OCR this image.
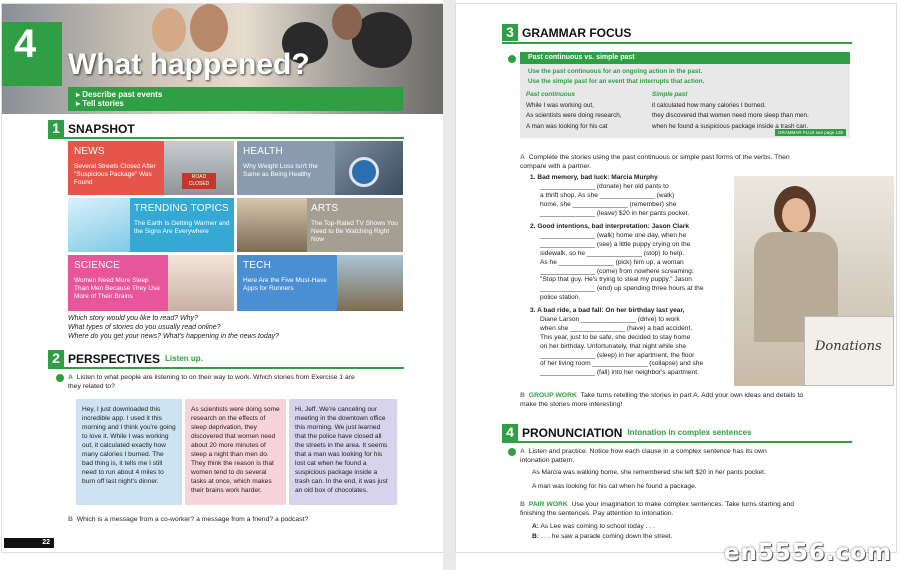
4	What happened?
▸ Describe past events
▸ Tell stories
1 SNAPSHOT
ROAD CLOSED
NEWS
Several Streets Closed After "Suspicious Package" Was Found
HEALTH
Why Weight Loss Isn't the Same as Being Healthy
TRENDING TOPICS
The Earth Is Getting Warmer and the Signs Are Everywhere
ARTS
The Top-Rated TV Shows You Need to Be Watching Right Now
SCIENCE
Women Need More Sleep Than Men Because They Use More of Their Brains
TECH
Here Are the Five Must-Have Apps for Runners
Which story would you like to read? Why?
What types of stories do you usually read online?
Where do you get your news? What's happening in the news today?
2 PERSPECTIVES Listen up.
A Listen to what people are listening to on their way to work. Which stories from Exercise 1 are they related to?
Hey, I just downloaded this incredible app. I used it this morning and I think you're going to love it. While I was working out, it calculated exactly how many calories I burned. The bad thing is, it tells me I still need to run about 4 miles to burn off last night's dinner.
As scientists were doing some research on the effects of sleep deprivation, they discovered that women need about 20 more minutes of sleep a night than men do. They think the reason is that women tend to do several tasks at once, which makes their brains work harder.
Hi, Jeff. We're canceling our meeting in the downtown office this morning. We just learned that the police have closed all the streets in the area. It seems that a man was looking for his lost cat when he found a suspicious package inside a trash can. In the end, it was just an old box of chocolates.
B Which is a message from a co-worker? a message from a friend? a podcast?
22
3 GRAMMAR FOCUS
Past continuous vs. simple past
Use the past continuous for an ongoing action in the past.
Use the simple past for an event that interrupts that action.
Past continuous
While I was working out,
As scientists were doing research,
A man was looking for his cat
Simple past
it calculated how many calories I burned.
they discovered that women need more sleep than men.
when he found a suspicious package inside a trash can.
GRAMMAR PLUS see page 135
A Complete the stories using the past continuous or simple past forms of the verbs. Then compare with a partner.
1. Bad memory, bad luck: Marcia Murphy
_______________ (donate) her old pants to
a thrift shop. As she _______________ (walk)
home, she _______________ (remember) she
_______________ (leave) $20 in her pants pocket.
2. Good intentions, bad interpretation: Jason Clark
_______________ (walk) home one day, when he
_______________ (see) a little puppy crying on the
sidewalk, so he _______________ (stop) to help.
As he _______________ (pick) him up, a woman
_______________ (come) from nowhere screaming:
"Stop that guy. He's trying to steal my puppy." Jason
_______________ (end) up spending three hours at the
police station.
3. A bad ride, a bad fall: On her birthday last year,
Diane Larson _______________ (drive) to work
when she _______________ (have) a bad accident.
This year, just to be safe, she decided to stay home
on her birthday. Unfortunately, that night while she
_______________ (sleep) in her apartment, the floor
of her living room _______________ (collapse) and she
_______________ (fall) into her neighbor's apartment.
Donations
B GROUP WORK Take turns retelling the stories in part A. Add your own ideas and details to make the stories more interesting!
4 PRONUNCIATION Intonation in complex sentences
A Listen and practice. Notice how each clause in a complex sentence has its own intonation pattern.
As Marcia was walking home, she remembered she left $20 in her pants pocket.
A man was looking for his cat when he found a package.
B PAIR WORK Use your imagination to make complex sentences. Take turns starting and finishing the sentences. Pay attention to intonation.
A: As Lee was coming to school today . . .
B: . . . he saw a parade coming down the street.
en5556.com
